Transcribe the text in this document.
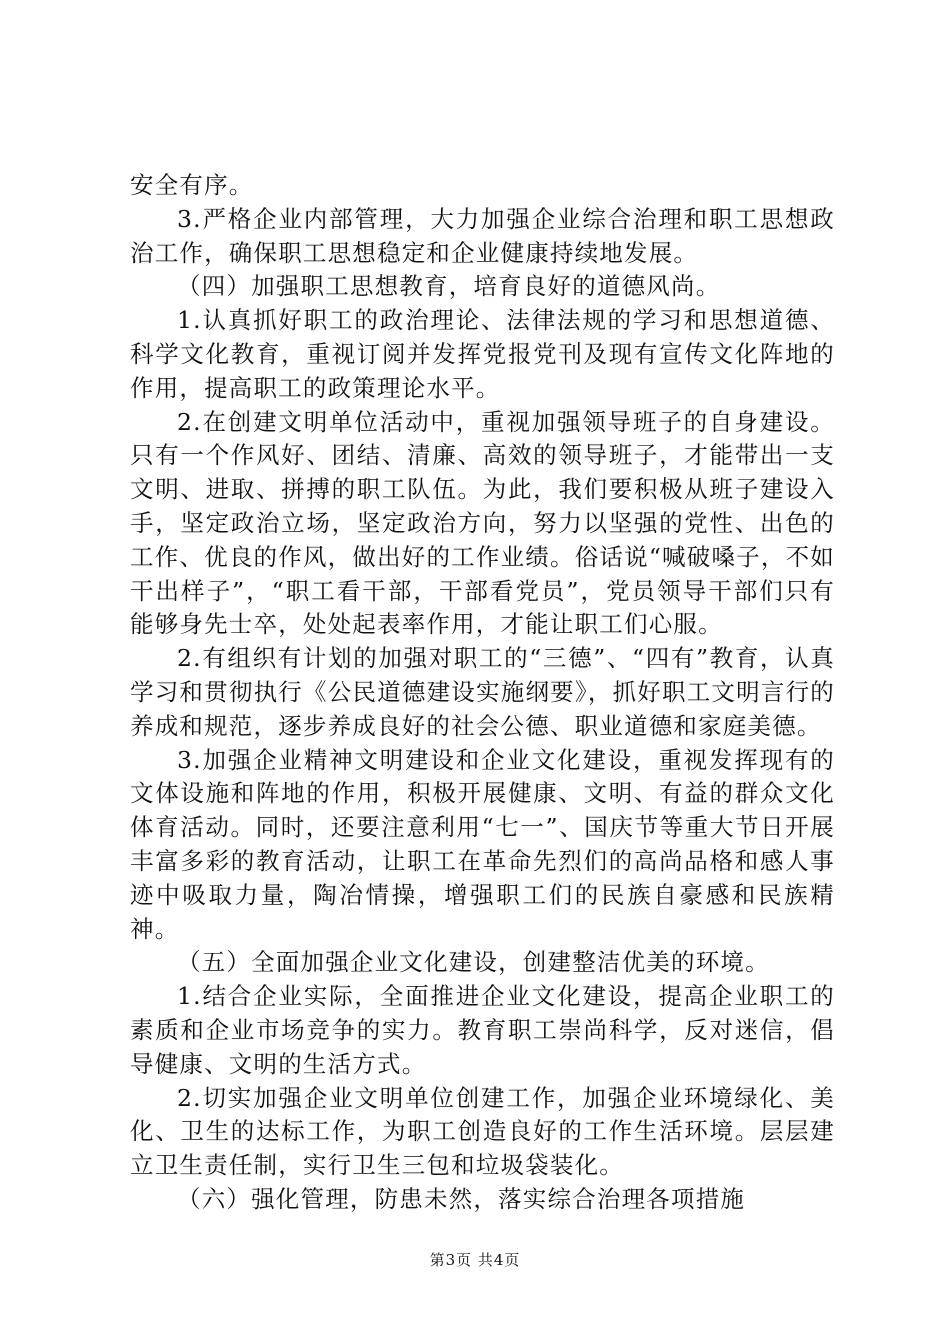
安全有序。

3.严格企业内部管理，大力加强企业综合治理和职工思想政治工作，确保职工思想稳定和企业健康持续地发展。

（四）加强职工思想教育，培育良好的道德风尚。

1.认真抓好职工的政治理论、法律法规的学习和思想道德、科学文化教育，重视订阅并发挥党报党刊及现有宣传文化阵地的作用，提高职工的政策理论水平。

2.在创建文明单位活动中，重视加强领导班子的自身建设。只有一个作风好、团结、清廉、高效的领导班子，才能带出一支文明、进取、拼搏的职工队伍。为此，我们要积极从班子建设入手，坚定政治立场，坚定政治方向，努力以坚强的党性、出色的工作、优良的作风，做出好的工作业绩。俗话说“喊破嗓子，不如干出样子”，“职工看干部，干部看党员”，党员领导干部们只有能够身先士卒，处处起表率作用，才能让职工们心服。

2.有组织有计划的加强对职工的“三德”、“四有”教育，认真学习和贯彻执行《公民道德建设实施纲要》，抓好职工文明言行的养成和规范，逐步养成良好的社会公德、职业道德和家庭美德。

3.加强企业精神文明建设和企业文化建设，重视发挥现有的文体设施和阵地的作用，积极开展健康、文明、有益的群众文化体育活动。同时，还要注意利用“七一”、国庆节等重大节日开展丰富多彩的教育活动，让职工在革命先烈们的高尚品格和感人事迹中吸取力量，陶冶情操，增强职工们的民族自豪感和民族精神。

（五）全面加强企业文化建设，创建整洁优美的环境。

1.结合企业实际，全面推进企业文化建设，提高企业职工的素质和企业市场竞争的实力。教育职工崇尚科学，反对迷信，倡导健康、文明的生活方式。

2.切实加强企业文明单位创建工作，加强企业环境绿化、美化、卫生的达标工作，为职工创造良好的工作生活环境。层层建立卫生责任制，实行卫生三包和垃圾袋装化。

（六）强化管理，防患未然，落实综合治理各项措施

第3页 共4页
